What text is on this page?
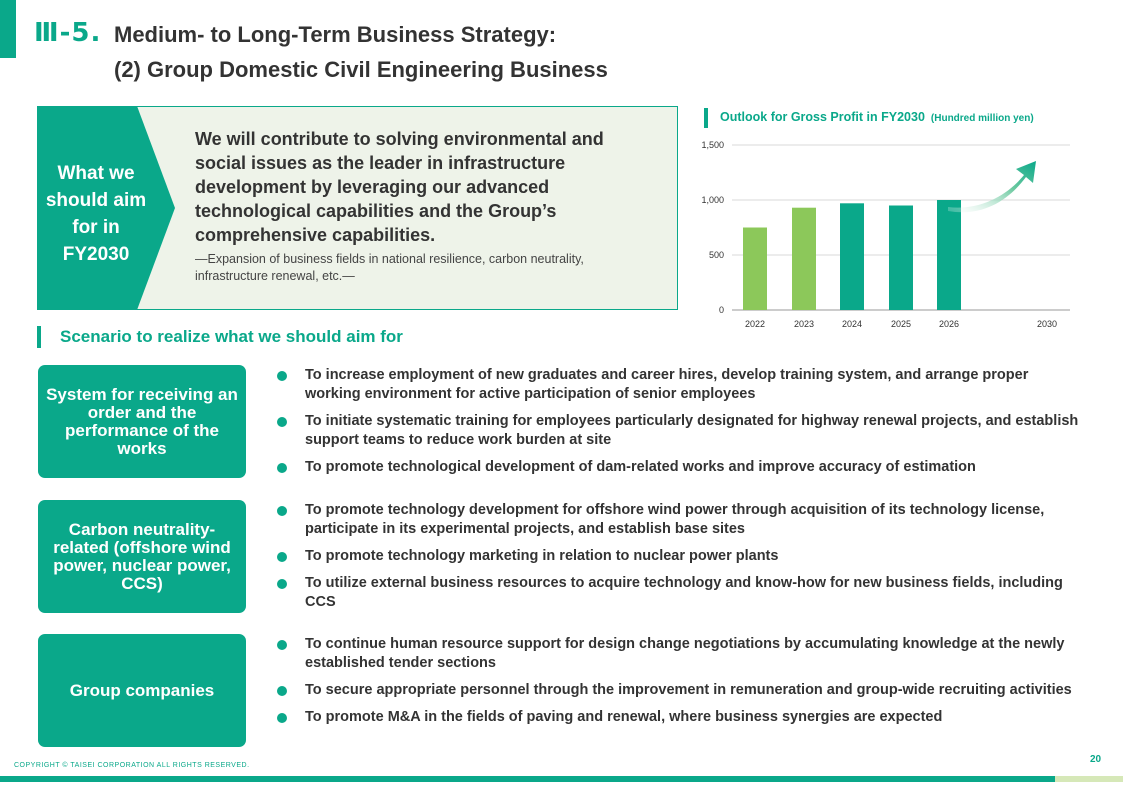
Ⅲ-5. Medium- to Long-Term Business Strategy:
(2) Group Domestic Civil Engineering Business
What we should aim for in FY2030
We will contribute to solving environmental and social issues as the leader in infrastructure development by leveraging our advanced technological capabilities and the Group’s comprehensive capabilities.
—Expansion of business fields in national resilience, carbon neutrality, infrastructure renewal, etc.—
Outlook for Gross Profit in FY2030 (Hundred million yen)
0
500
1,000
1,500
2022	2023	2024	2025	2026	2030
Scenario to realize what we should aim for
System for receiving an order and the performance of the works
To increase employment of new graduates and career hires, develop training system, and arrange proper working environment for active participation of senior employees
To initiate systematic training for employees particularly designated for highway renewal projects, and establish support teams to reduce work burden at site
To promote technological development of dam-related works and improve accuracy of estimation
Carbon neutrality-related (offshore wind power, nuclear power, CCS)
To promote technology development for offshore wind power through acquisition of its technology license, participate in its experimental projects, and establish base sites
To promote technology marketing in relation to nuclear power plants
To utilize external business resources to acquire technology and know-how for new business fields, including CCS
Group companies
To continue human resource support for design change negotiations by accumulating knowledge at the newly established tender sections
To secure appropriate personnel through the improvement in remuneration and group-wide recruiting activities
To promote M&A in the fields of paving and renewal, where business synergies are expected
COPYRIGHT © TAISEI CORPORATION ALL RIGHTS RESERVED.
20
